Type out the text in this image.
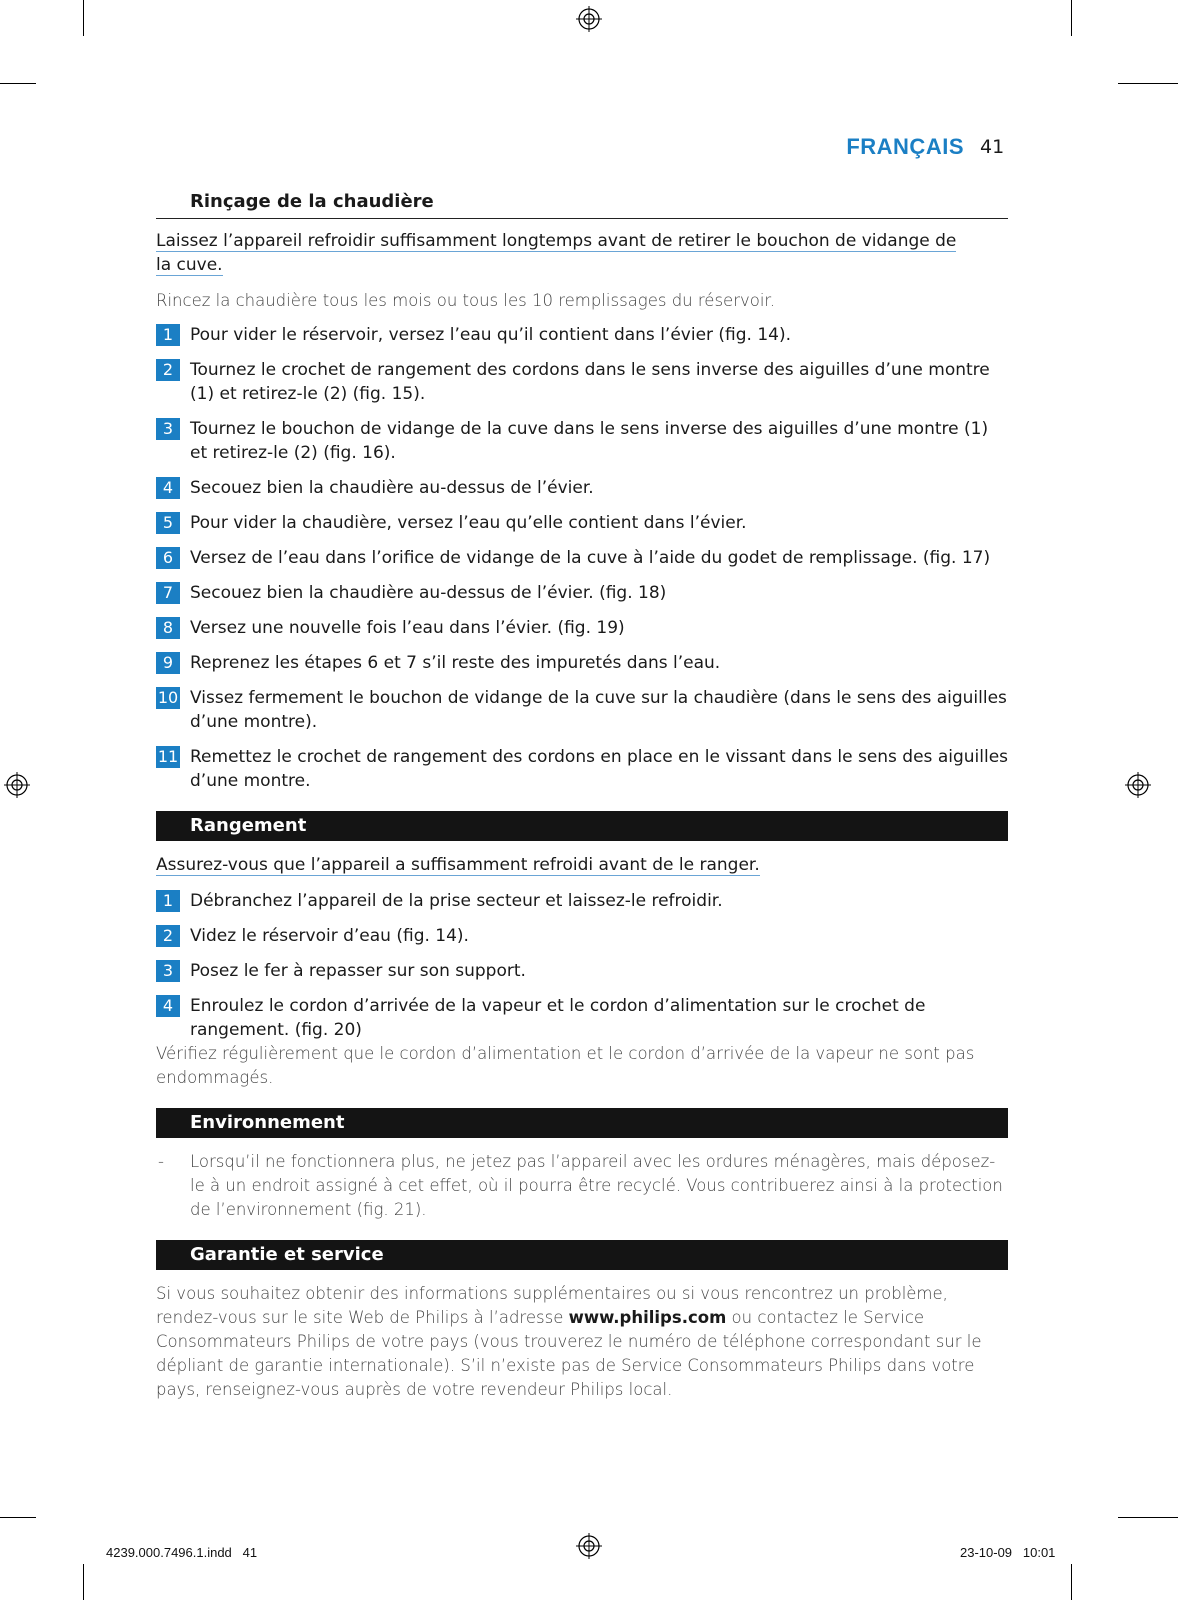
FRANÇAIS 41
Rinçage de la chaudière
Laissez l’appareil refroidir suffisamment longtemps avant de retirer le bouchon de vidange de la cuve.
Rincez la chaudière tous les mois ou tous les 10 remplissages du réservoir.
1 Pour vider le réservoir, versez l’eau qu’il contient dans l’évier (fig. 14).
2 Tournez le crochet de rangement des cordons dans le sens inverse des aiguilles d’une montre (1) et retirez-le (2) (fig. 15).
3 Tournez le bouchon de vidange de la cuve dans le sens inverse des aiguilles d’une montre (1) et retirez-le (2) (fig. 16).
4 Secouez bien la chaudière au-dessus de l’évier.
5 Pour vider la chaudière, versez l’eau qu’elle contient dans l’évier.
6 Versez de l’eau dans l’orifice de vidange de la cuve à l’aide du godet de remplissage. (fig. 17)
7 Secouez bien la chaudière au-dessus de l’évier. (fig. 18)
8 Versez une nouvelle fois l’eau dans l’évier. (fig. 19)
9 Reprenez les étapes 6 et 7 s’il reste des impuretés dans l’eau.
10 Vissez fermement le bouchon de vidange de la cuve sur la chaudière (dans le sens des aiguilles d’une montre).
11 Remettez le crochet de rangement des cordons en place en le vissant dans le sens des aiguilles d’une montre.
Rangement
Assurez-vous que l’appareil a suffisamment refroidi avant de le ranger.
1 Débranchez l’appareil de la prise secteur et laissez-le refroidir.
2 Videz le réservoir d’eau (fig. 14).
3 Posez le fer à repasser sur son support.
4 Enroulez le cordon d’arrivée de la vapeur et le cordon d’alimentation sur le crochet de rangement. (fig. 20)
Vérifiez régulièrement que le cordon d’alimentation et le cordon d’arrivée de la vapeur ne sont pas endommagés.
Environnement
- Lorsqu’il ne fonctionnera plus, ne jetez pas l’appareil avec les ordures ménagères, mais déposez-le à un endroit assigné à cet effet, où il pourra être recyclé. Vous contribuerez ainsi à la protection de l’environnement (fig. 21).
Garantie et service
Si vous souhaitez obtenir des informations supplémentaires ou si vous rencontrez un problème, rendez-vous sur le site Web de Philips à l’adresse www.philips.com ou contactez le Service Consommateurs Philips de votre pays (vous trouverez le numéro de téléphone correspondant sur le dépliant de garantie internationale). S’il n’existe pas de Service Consommateurs Philips dans votre pays, renseignez-vous auprès de votre revendeur Philips local.
4239.000.7496.1.indd   41	23-10-09   10:01
